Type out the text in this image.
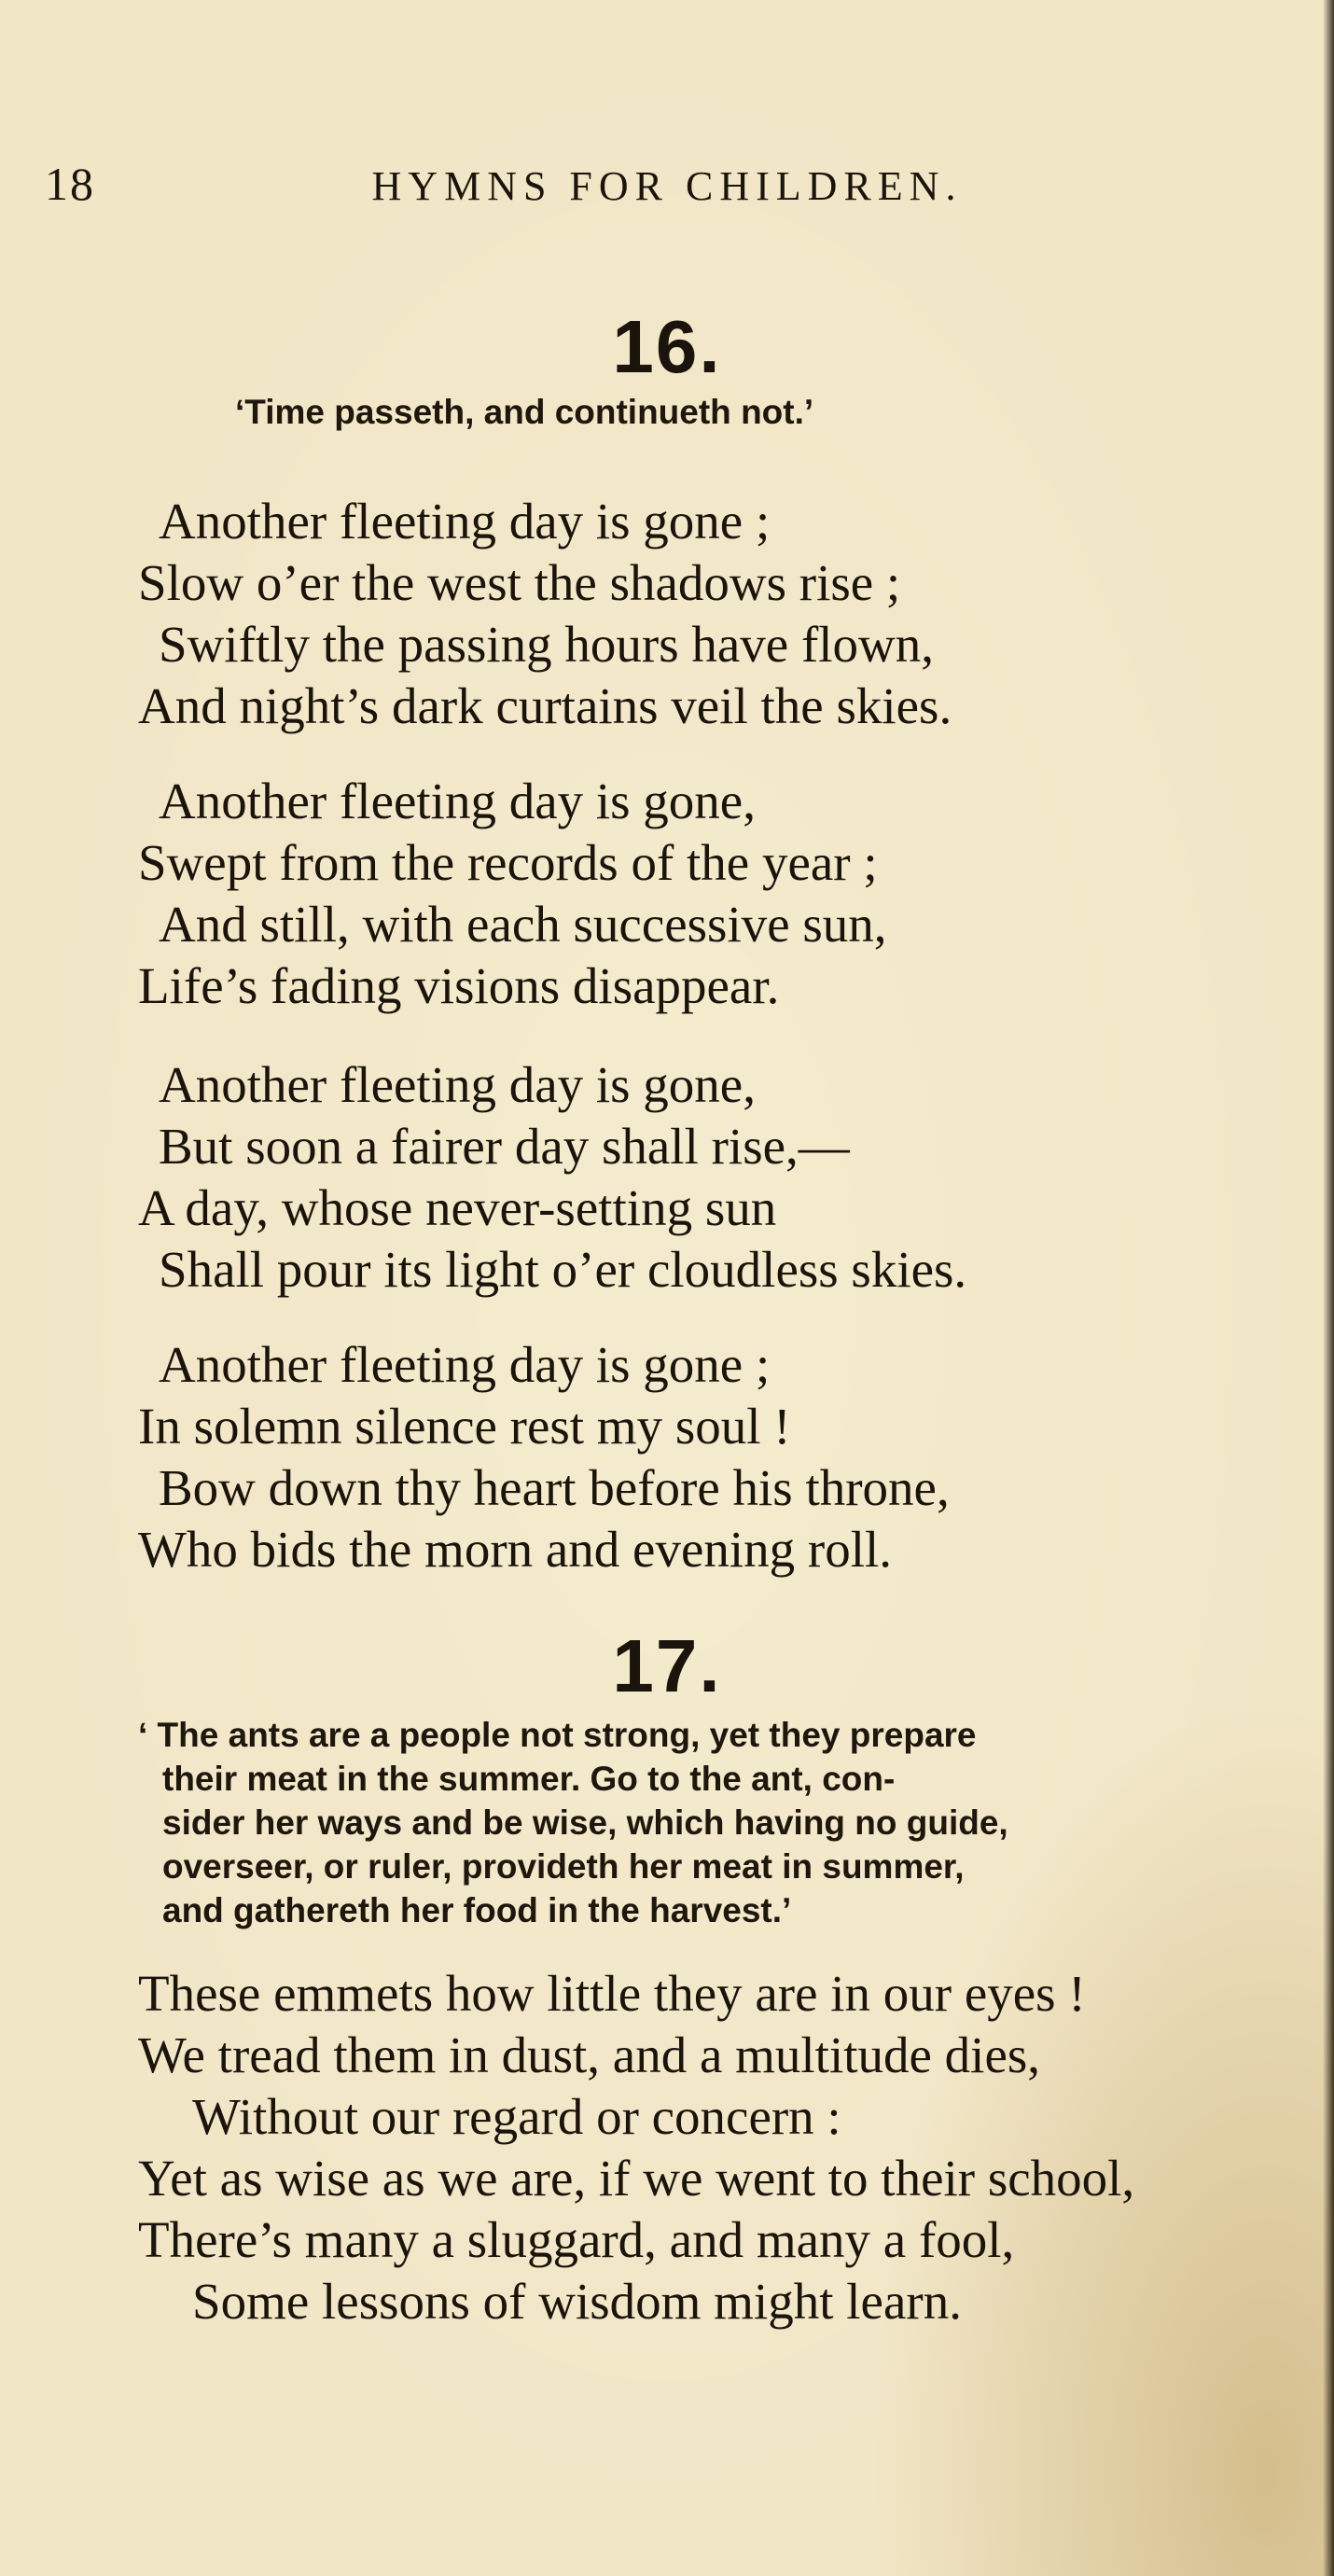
18	HYMNS FOR CHILDREN.
16.
‘Time passeth, and continueth not.’
Another fleeting day is gone ;
Slow o’er the west the shadows rise ;
Swiftly the passing hours have flown,
And night’s dark curtains veil the skies.
Another fleeting day is gone,
Swept from the records of the year ;
And still, with each successive sun,
Life’s fading visions disappear.
Another fleeting day is gone,
But soon a fairer day shall rise,—
A day, whose never-setting sun
Shall pour its light o’er cloudless skies.
Another fleeting day is gone ;
In solemn silence rest my soul !
Bow down thy heart before his throne,
Who bids the morn and evening roll.
17.
‘ The ants are a people not strong, yet they prepare
their meat in the summer. Go to the ant, con-
sider her ways and be wise, which having no guide,
overseer, or ruler, provideth her meat in summer,
and gathereth her food in the harvest.’
These emmets how little they are in our eyes !
We tread them in dust, and a multitude dies,
Without our regard or concern :
Yet as wise as we are, if we went to their school,
There’s many a sluggard, and many a fool,
Some lessons of wisdom might learn.
